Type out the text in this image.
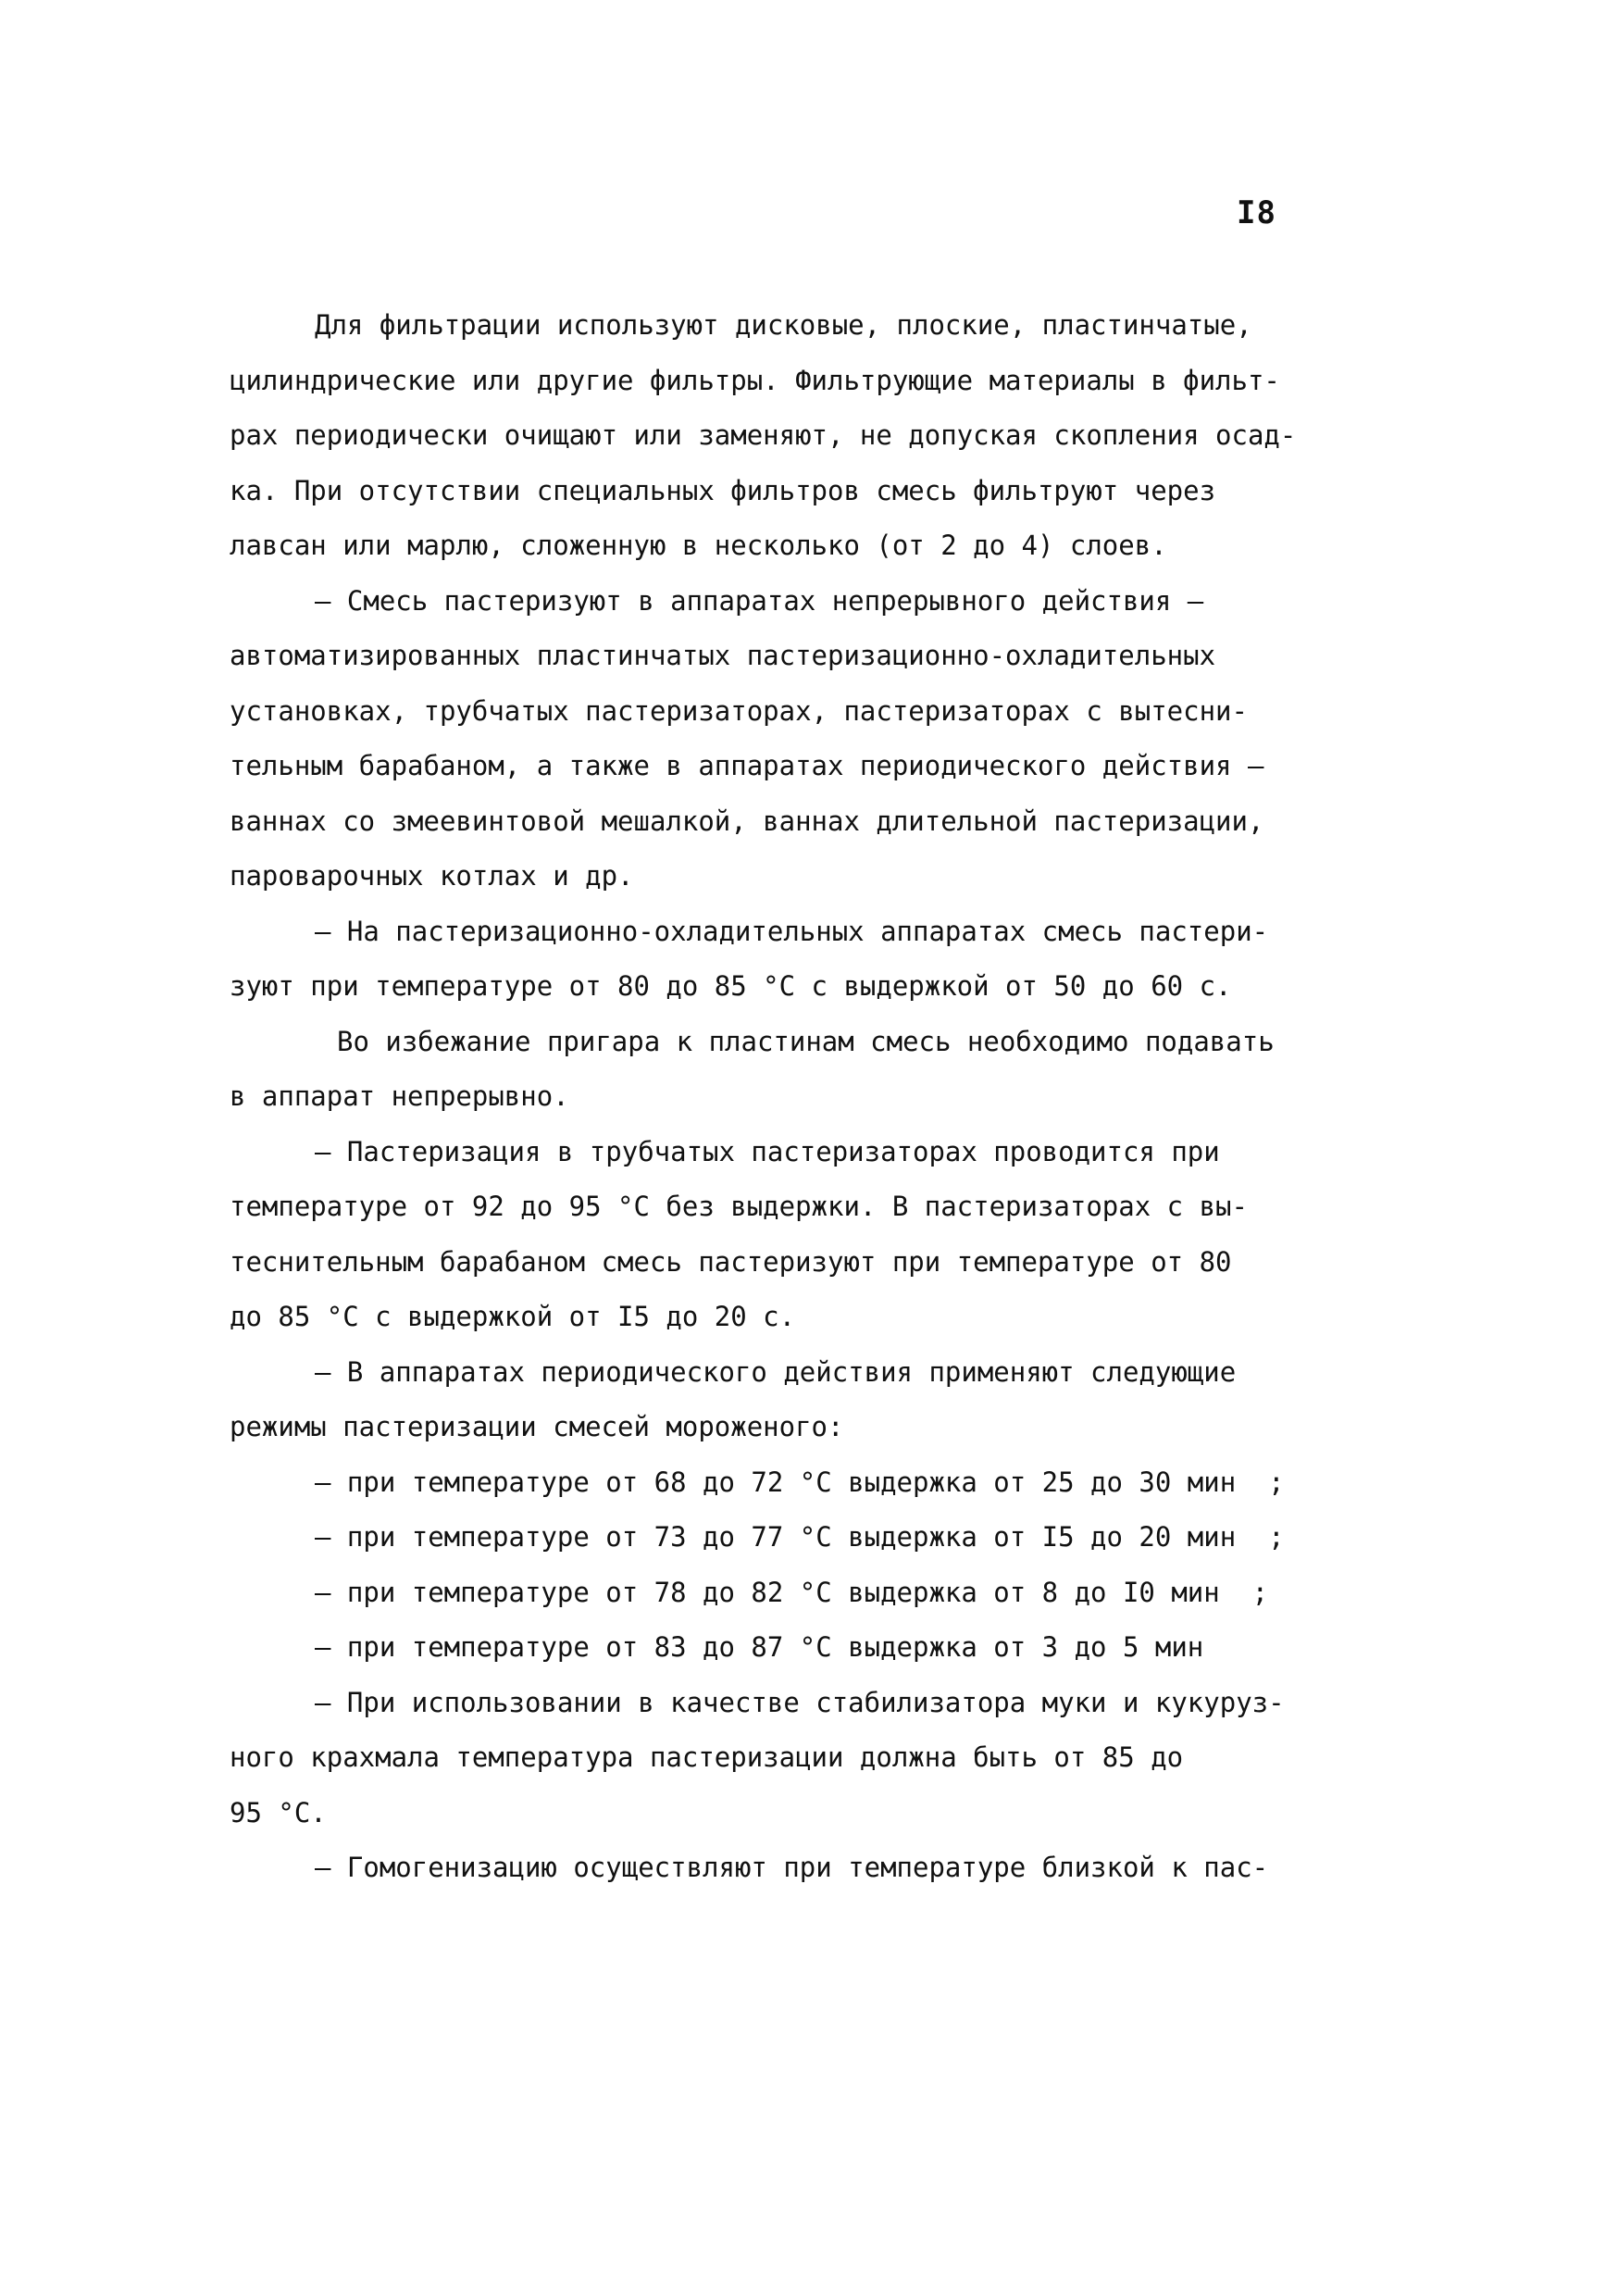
I8
Для фильтрации используют дисковые, плоские, пластинчатые,
цилиндрические или другие фильтры. Фильтрующие материалы в фильт-
рах периодически очищают или заменяют, не допуская скопления осад-
ка. При отсутствии специальных фильтров смесь фильтруют через
лавсан или марлю, сложенную в несколько (от 2 до 4) слоев.
– Смесь пастеризуют в аппаратах непрерывного действия –
автоматизированных пластинчатых пастеризационно-охладительных
установках, трубчатых пастеризаторах, пастеризаторах с вытесни-
тельным барабаном, а также в аппаратах периодического действия –
ваннах со змеевинтовой мешалкой, ваннах длительной пастеризации,
пароварочных котлах и др.
– На пастеризационно-охладительных аппаратах смесь пастери-
зуют при температуре от 80 до 85 °С с выдержкой от 50 до 60 с.
Во избежание пригара к пластинам смесь необходимо подавать
в аппарат непрерывно.
– Пастеризация в трубчатых пастеризаторах проводится при
температуре от 92 до 95 °С без выдержки. В пастеризаторах с вы-
теснительным барабаном смесь пастеризуют при температуре от 80
до 85 °С с выдержкой от I5 до 20 с.
– В аппаратах периодического действия применяют следующие
режимы пастеризации смесей мороженого:
– при температуре от 68 до 72 °С выдержка от 25 до 30 мин  ;
– при температуре от 73 до 77 °С выдержка от I5 до 20 мин  ;
– при температуре от 78 до 82 °С выдержка от 8 до I0 мин  ;
– при температуре от 83 до 87 °С выдержка от 3 до 5 мин
– При использовании в качестве стабилизатора муки и кукуруз-
ного крахмала температура пастеризации должна быть от 85 до
95 °С.
– Гомогенизацию осуществляют при температуре близкой к пас-
